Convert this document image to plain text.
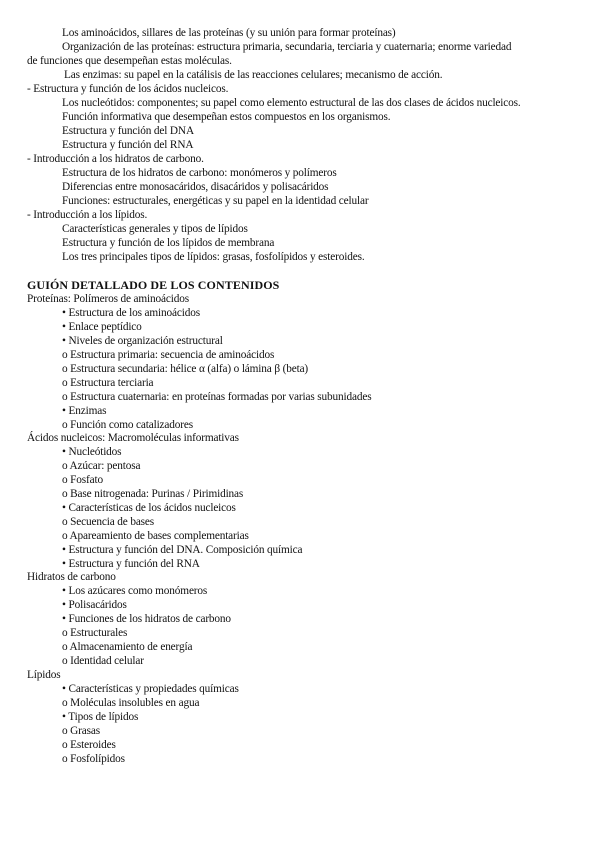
Los aminoácidos, sillares de las proteínas (y su unión para formar proteínas)
Organización de las proteínas: estructura primaria, secundaria, terciaria y cuaternaria; enorme variedad
de funciones que desempeñan estas moléculas.
Las enzimas: su papel en la catálisis de las reacciones celulares; mecanismo de acción.
- Estructura y función de los ácidos nucleicos.
Los nucleótidos: componentes; su papel como elemento estructural de las dos clases de ácidos nucleicos.
Función informativa que desempeñan estos compuestos en los organismos.
Estructura y función del DNA
Estructura y función del RNA
- Introducción a los hidratos de carbono.
Estructura de los hidratos de carbono: monómeros y polímeros
Diferencias entre monosacáridos, disacáridos y polisacáridos
Funciones: estructurales, energéticas y su papel en la identidad celular
- Introducción a los lípidos.
Características generales y tipos de lípidos
Estructura y función de los lípidos de membrana
Los tres principales tipos de lípidos: grasas, fosfolípidos y esteroides.
GUIÓN DETALLADO DE LOS CONTENIDOS
Proteínas: Polímeros de aminoácidos
• Estructura de los aminoácidos
• Enlace peptídico
• Niveles de organización estructural
o Estructura primaria: secuencia de aminoácidos
o Estructura secundaria: hélice α (alfa) o lámina β (beta)
o Estructura terciaria
o Estructura cuaternaria: en proteínas formadas por varias subunidades
• Enzimas
o Función como catalizadores
Ácidos nucleicos: Macromoléculas informativas
• Nucleótidos
o Azúcar: pentosa
o Fosfato
o Base nitrogenada: Purinas / Pirimidinas
• Características de los ácidos nucleicos
o Secuencia de bases
o Apareamiento de bases complementarias
• Estructura y función del DNA. Composición química
• Estructura y función del RNA
Hidratos de carbono
• Los azúcares como monómeros
• Polisacáridos
• Funciones de los hidratos de carbono
o Estructurales
o Almacenamiento de energía
o Identidad celular
Lípidos
• Características y propiedades químicas
o Moléculas insolubles en agua
• Tipos de lípidos
o Grasas
o Esteroides
o Fosfolípidos
